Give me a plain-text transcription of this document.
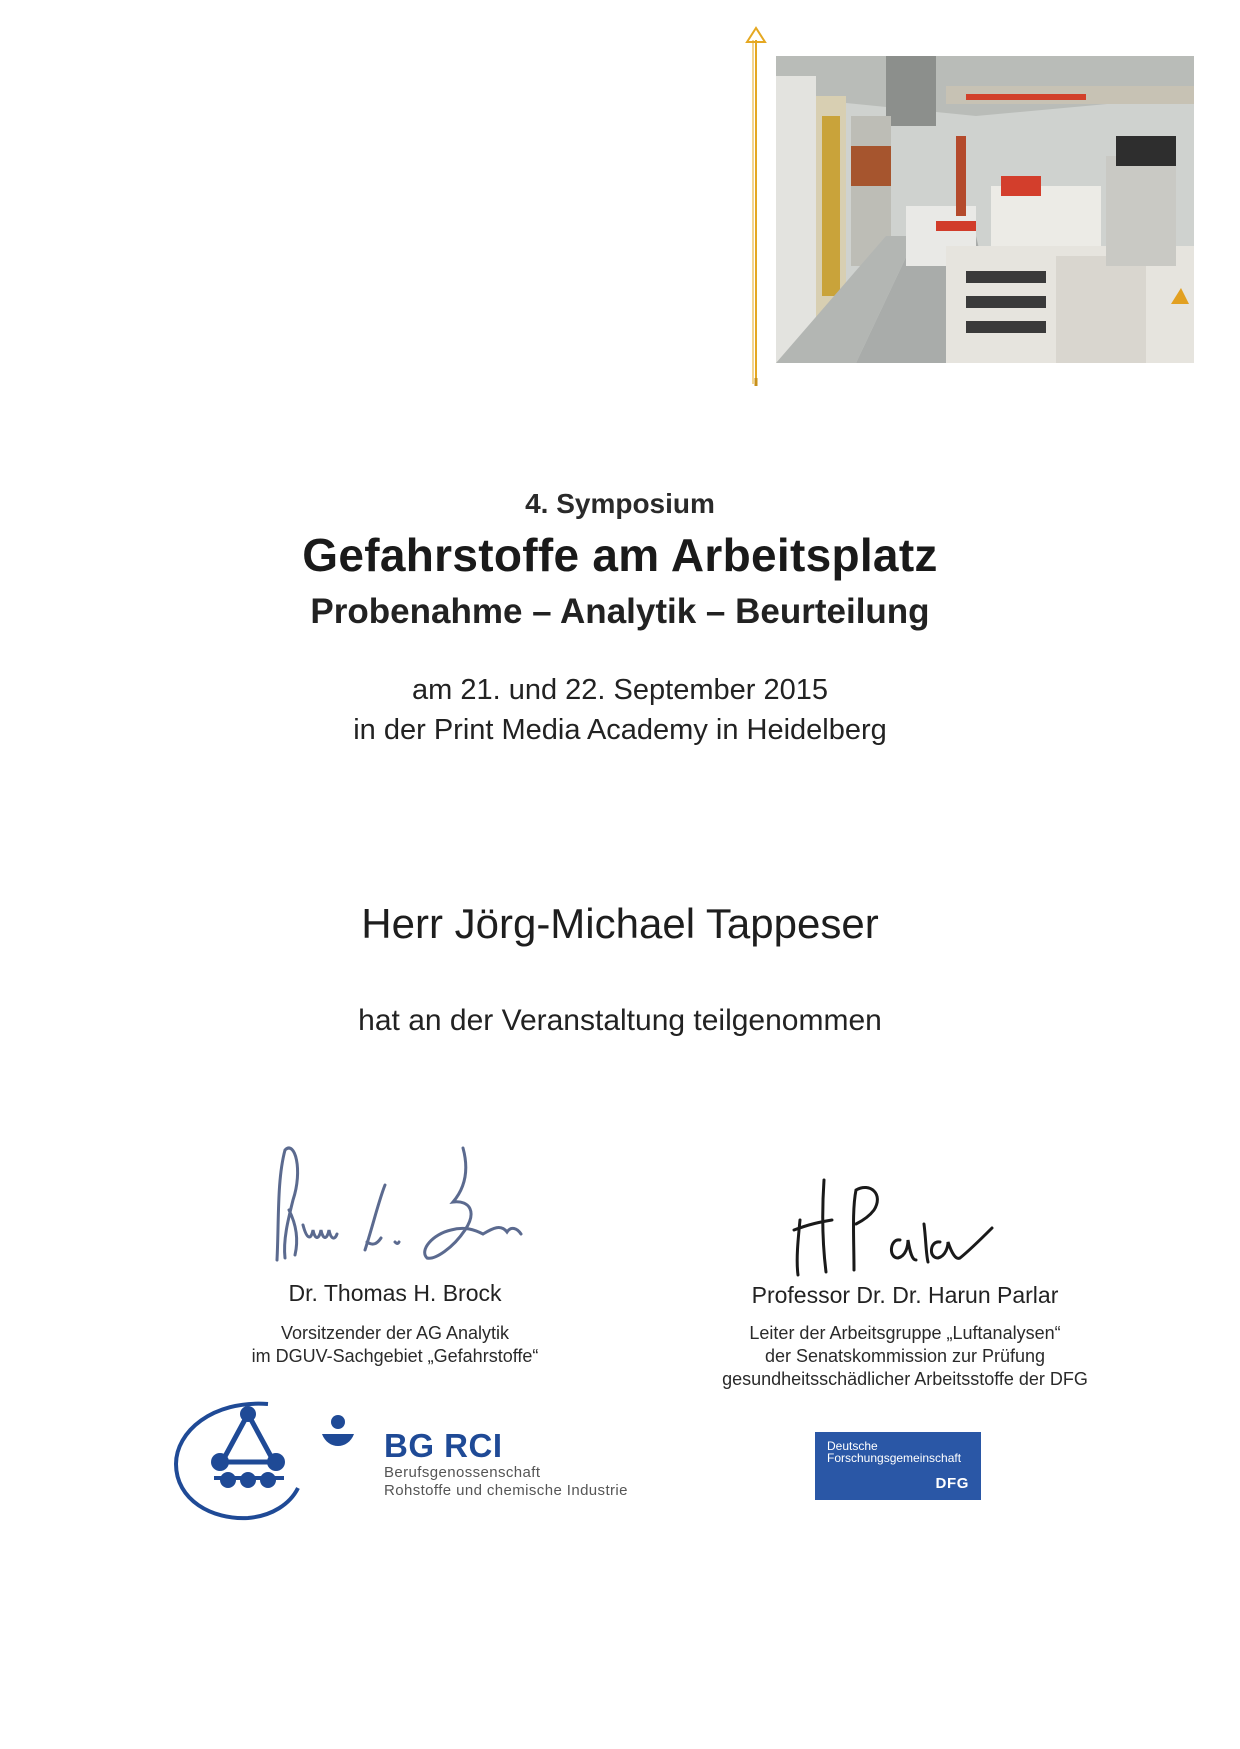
4. Symposium
Gefahrstoffe am Arbeitsplatz
Probenahme – Analytik – Beurteilung
am 21. und 22. September 2015
in der Print Media Academy in Heidelberg
Herr Jörg-Michael Tappeser
hat an der Veranstaltung teilgenommen
Dr. Thomas H. Brock
Vorsitzender der AG Analytik
im DGUV-Sachgebiet „Gefahrstoffe“
Professor Dr. Dr. Harun Parlar
Leiter der Arbeitsgruppe „Luftanalysen“
der Senatskommission zur Prüfung
gesundheitsschädlicher Arbeitsstoffe der DFG
BG RCI
Berufsgenossenschaft
Rohstoffe und chemische Industrie
Deutsche
Forschungsgemeinschaft
DFG
